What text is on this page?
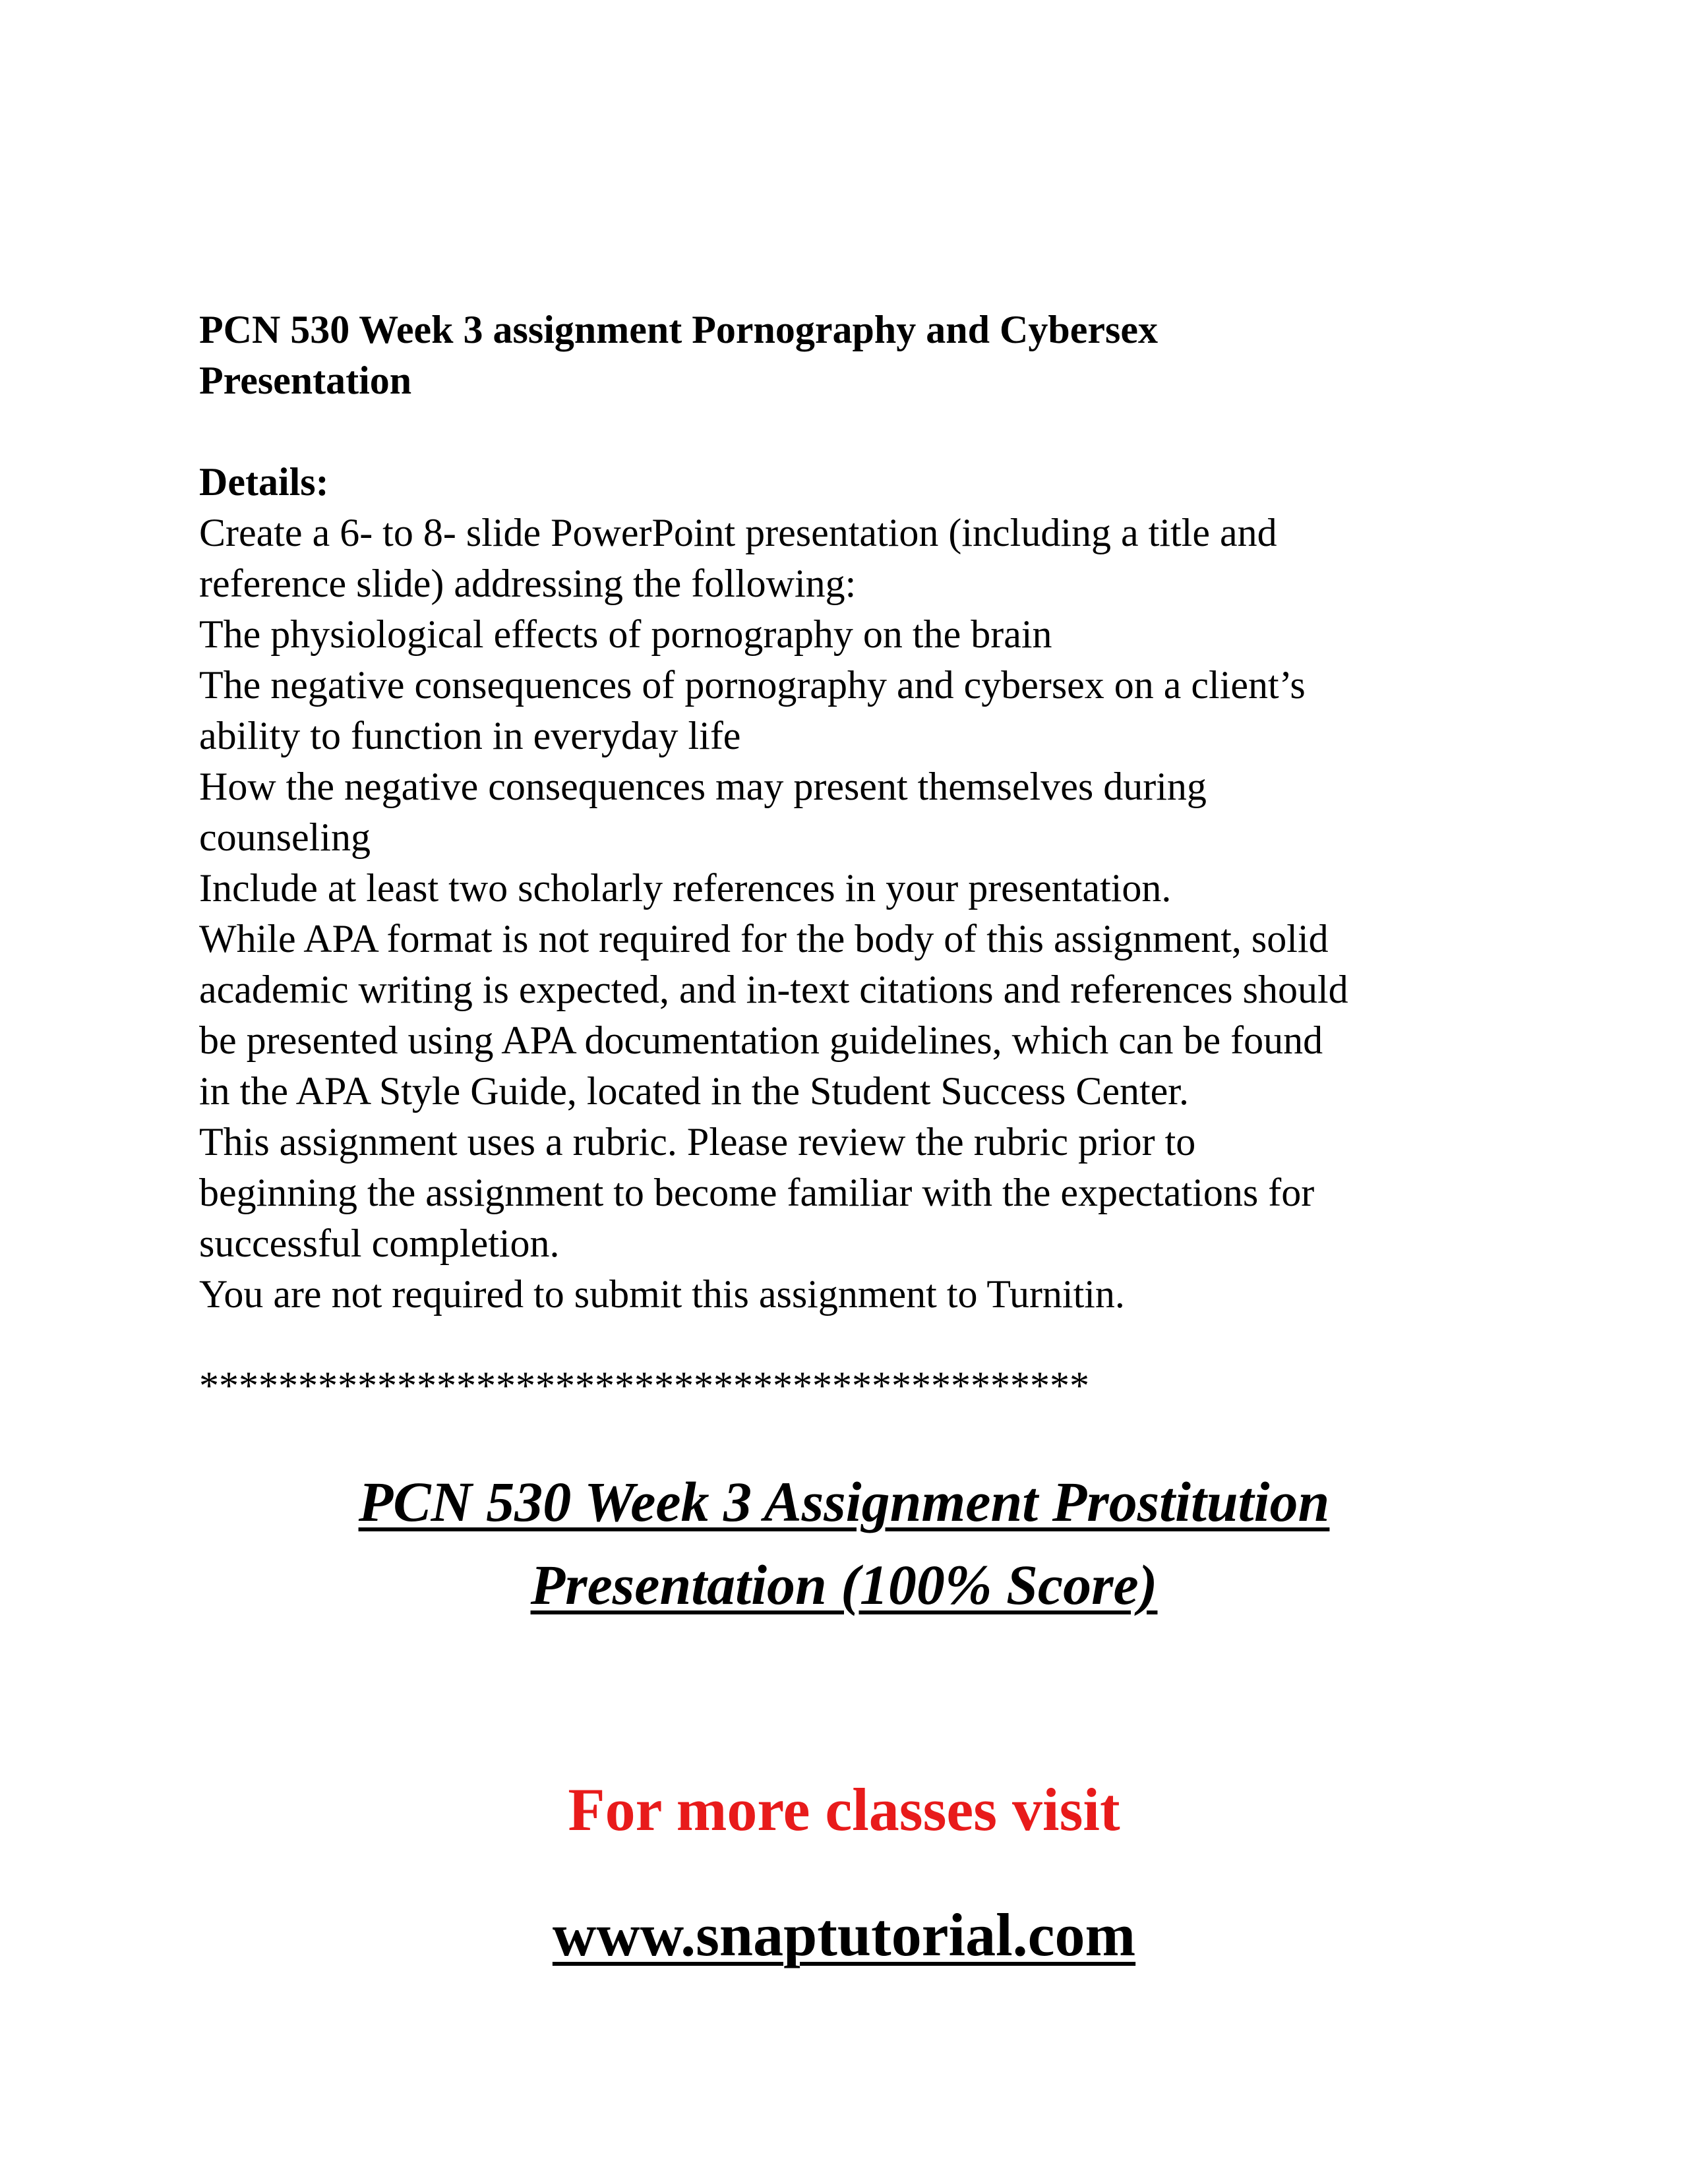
PCN 530 Week 3 assignment Pornography and Cybersex
Presentation

Details:

Create a 6- to 8- slide PowerPoint presentation (including a title and

reference slide) addressing the following:

The physiological effects of pornography on the brain

The negative consequences of pornography and cybersex on a client’s

ability to function in everyday life

How the negative consequences may present themselves during

counseling

Include at least two scholarly references in your presentation.

While APA format is not required for the body of this assignment, solid

academic writing is expected, and in-text citations and references should

be presented using APA documentation guidelines, which can be found

in the APA Style Guide, located in the Student Success Center.

This assignment uses a rubric. Please review the rubric prior to

beginning the assignment to become familiar with the expectations for

successful completion.

You are not required to submit this assignment to Turnitin.

*********************************************

PCN 530 Week 3 Assignment Prostitution
Presentation (100% Score)

For more classes visit

www.snaptutorial.com
